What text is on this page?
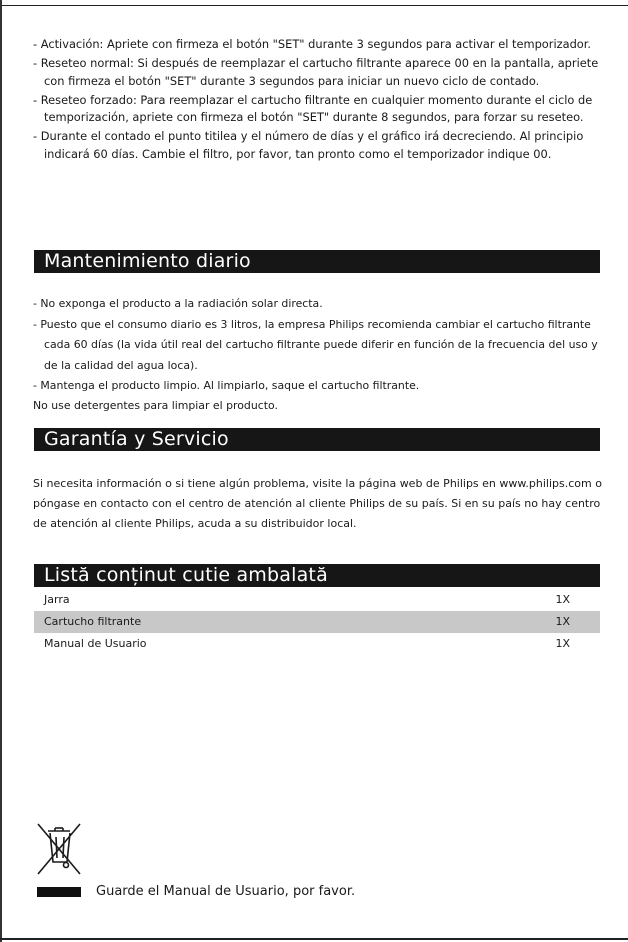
- Activación: Apriete con firmeza el botón "SET" durante 3 segundos para activar el temporizador.

- Reseteo normal: Si después de reemplazar el cartucho filtrante aparece 00 en la pantalla, apriete con firmeza el botón "SET" durante 3 segundos para iniciar un nuevo ciclo de contado.

- Reseteo forzado: Para reemplazar el cartucho filtrante en cualquier momento durante el ciclo de temporización, apriete con firmeza el botón "SET" durante 8 segundos, para forzar su reseteo.

- Durante el contado el punto titilea y el número de días y el gráfico irá decreciendo. Al principio indicará 60 días. Cambie el filtro, por favor, tan pronto como el temporizador indique 00.

Mantenimiento diario

- No exponga el producto a la radiación solar directa.

- Puesto que el consumo diario es 3 litros, la empresa Philips recomienda cambiar el cartucho filtrante cada 60 días (la vida útil real del cartucho filtrante puede diferir en función de la frecuencia del uso y de la calidad del agua loca).

- Mantenga el producto limpio. Al limpiarlo, saque el cartucho filtrante.

No use detergentes para limpiar el producto.
Garantía y Servicio
Si necesita información o si tiene algún problema, visite la página web de Philips en www.philips.com o póngase en contacto con el centro de atención al cliente Philips de su país. Si en su país no hay centro de atención al cliente Philips, acuda a su distribuidor local.
Listă conținut cutie ambalată
Jarra	1X
Cartucho filtrante	1X
Manual de Usuario	1X
Guarde el Manual de Usuario, por favor.
